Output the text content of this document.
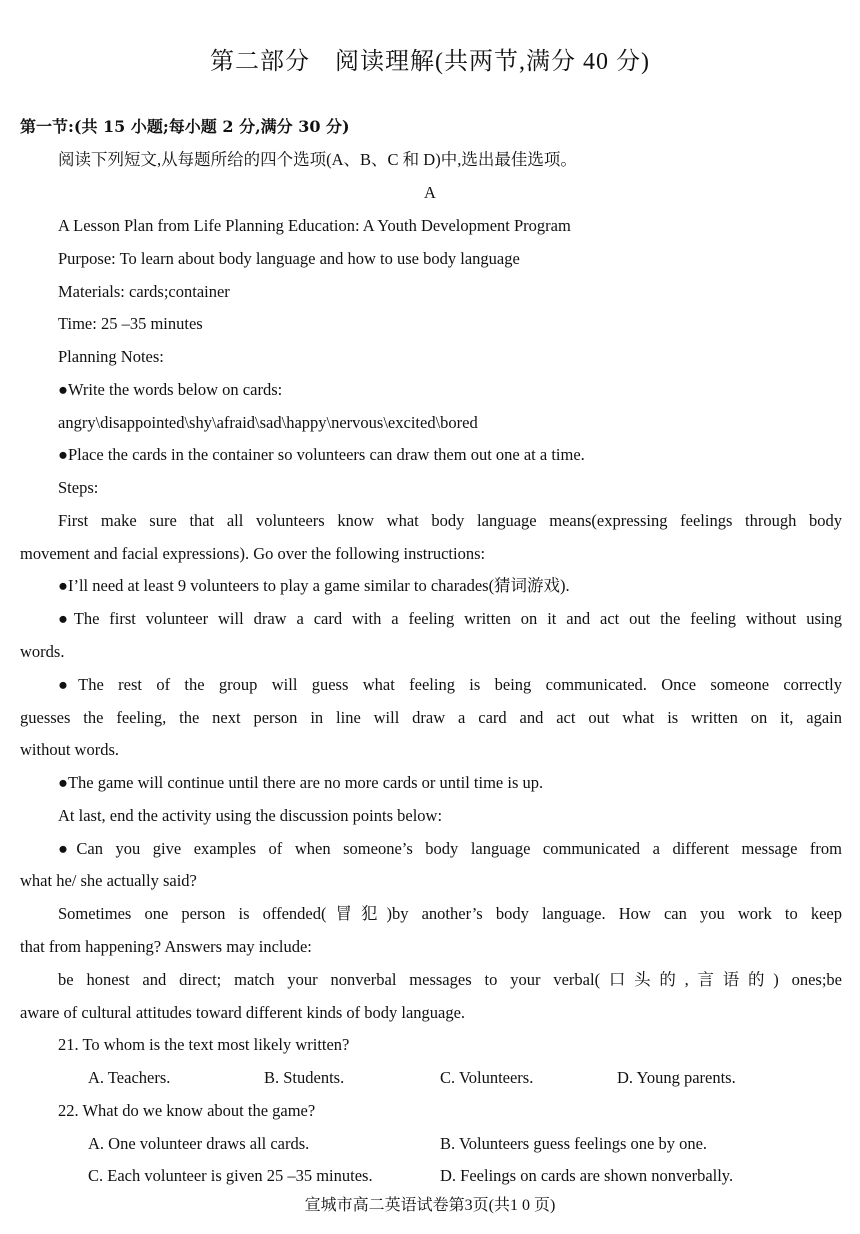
第二部分　阅读理解(共两节,满分 40 分)
第一节:(共 15 小题;每小题 2 分,满分 30 分)
阅读下列短文,从每题所给的四个选项(A、B、C 和 D)中,选出最佳选项。
A
A Lesson Plan from Life Planning Education: A Youth Development Program
Purpose: To learn about body language and how to use body language
Materials: cards;container
Time: 25 –35 minutes
Planning Notes:
●Write the words below on cards:
angry\disappointed\shy\afraid\sad\happy\nervous\excited\bored
●Place the cards in the container so volunteers can draw them out one at a time.
Steps:
First make sure that all volunteers know what body language means(expressing feelings through body
movement and facial expressions). Go over the following instructions:
●I’ll need at least 9 volunteers to play a game similar to charades(猜词游戏).
●The first volunteer will draw a card with a feeling written on it and act out the feeling without using
words.
●The rest of the group will guess what feeling is being communicated. Once someone correctly
guesses the feeling, the next person in line will draw a card and act out what is written on it, again
without words.
●The game will continue until there are no more cards or until time is up.
At last, end the activity using the discussion points below:
●Can you give examples of when someone’s body language communicated a different message from
what he/ she actually said?
Sometimes one person is offended(冒犯)by another’s body language. How can you work to keep
that from happening? Answers may include:
be honest and direct; match your nonverbal messages to your verbal(口头的,言语的) ones;be
aware of cultural attitudes toward different kinds of body language.
21. To whom is the text most likely written?
A. Teachers.	B. Students.	C. Volunteers.	D. Young parents.
22. What do we know about the game?
A. One volunteer draws all cards.	B. Volunteers guess feelings one by one.
C. Each volunteer is given 25 –35 minutes.	D. Feelings on cards are shown nonverbally.
宣城市高二英语试卷第3页(共1 0 页)
